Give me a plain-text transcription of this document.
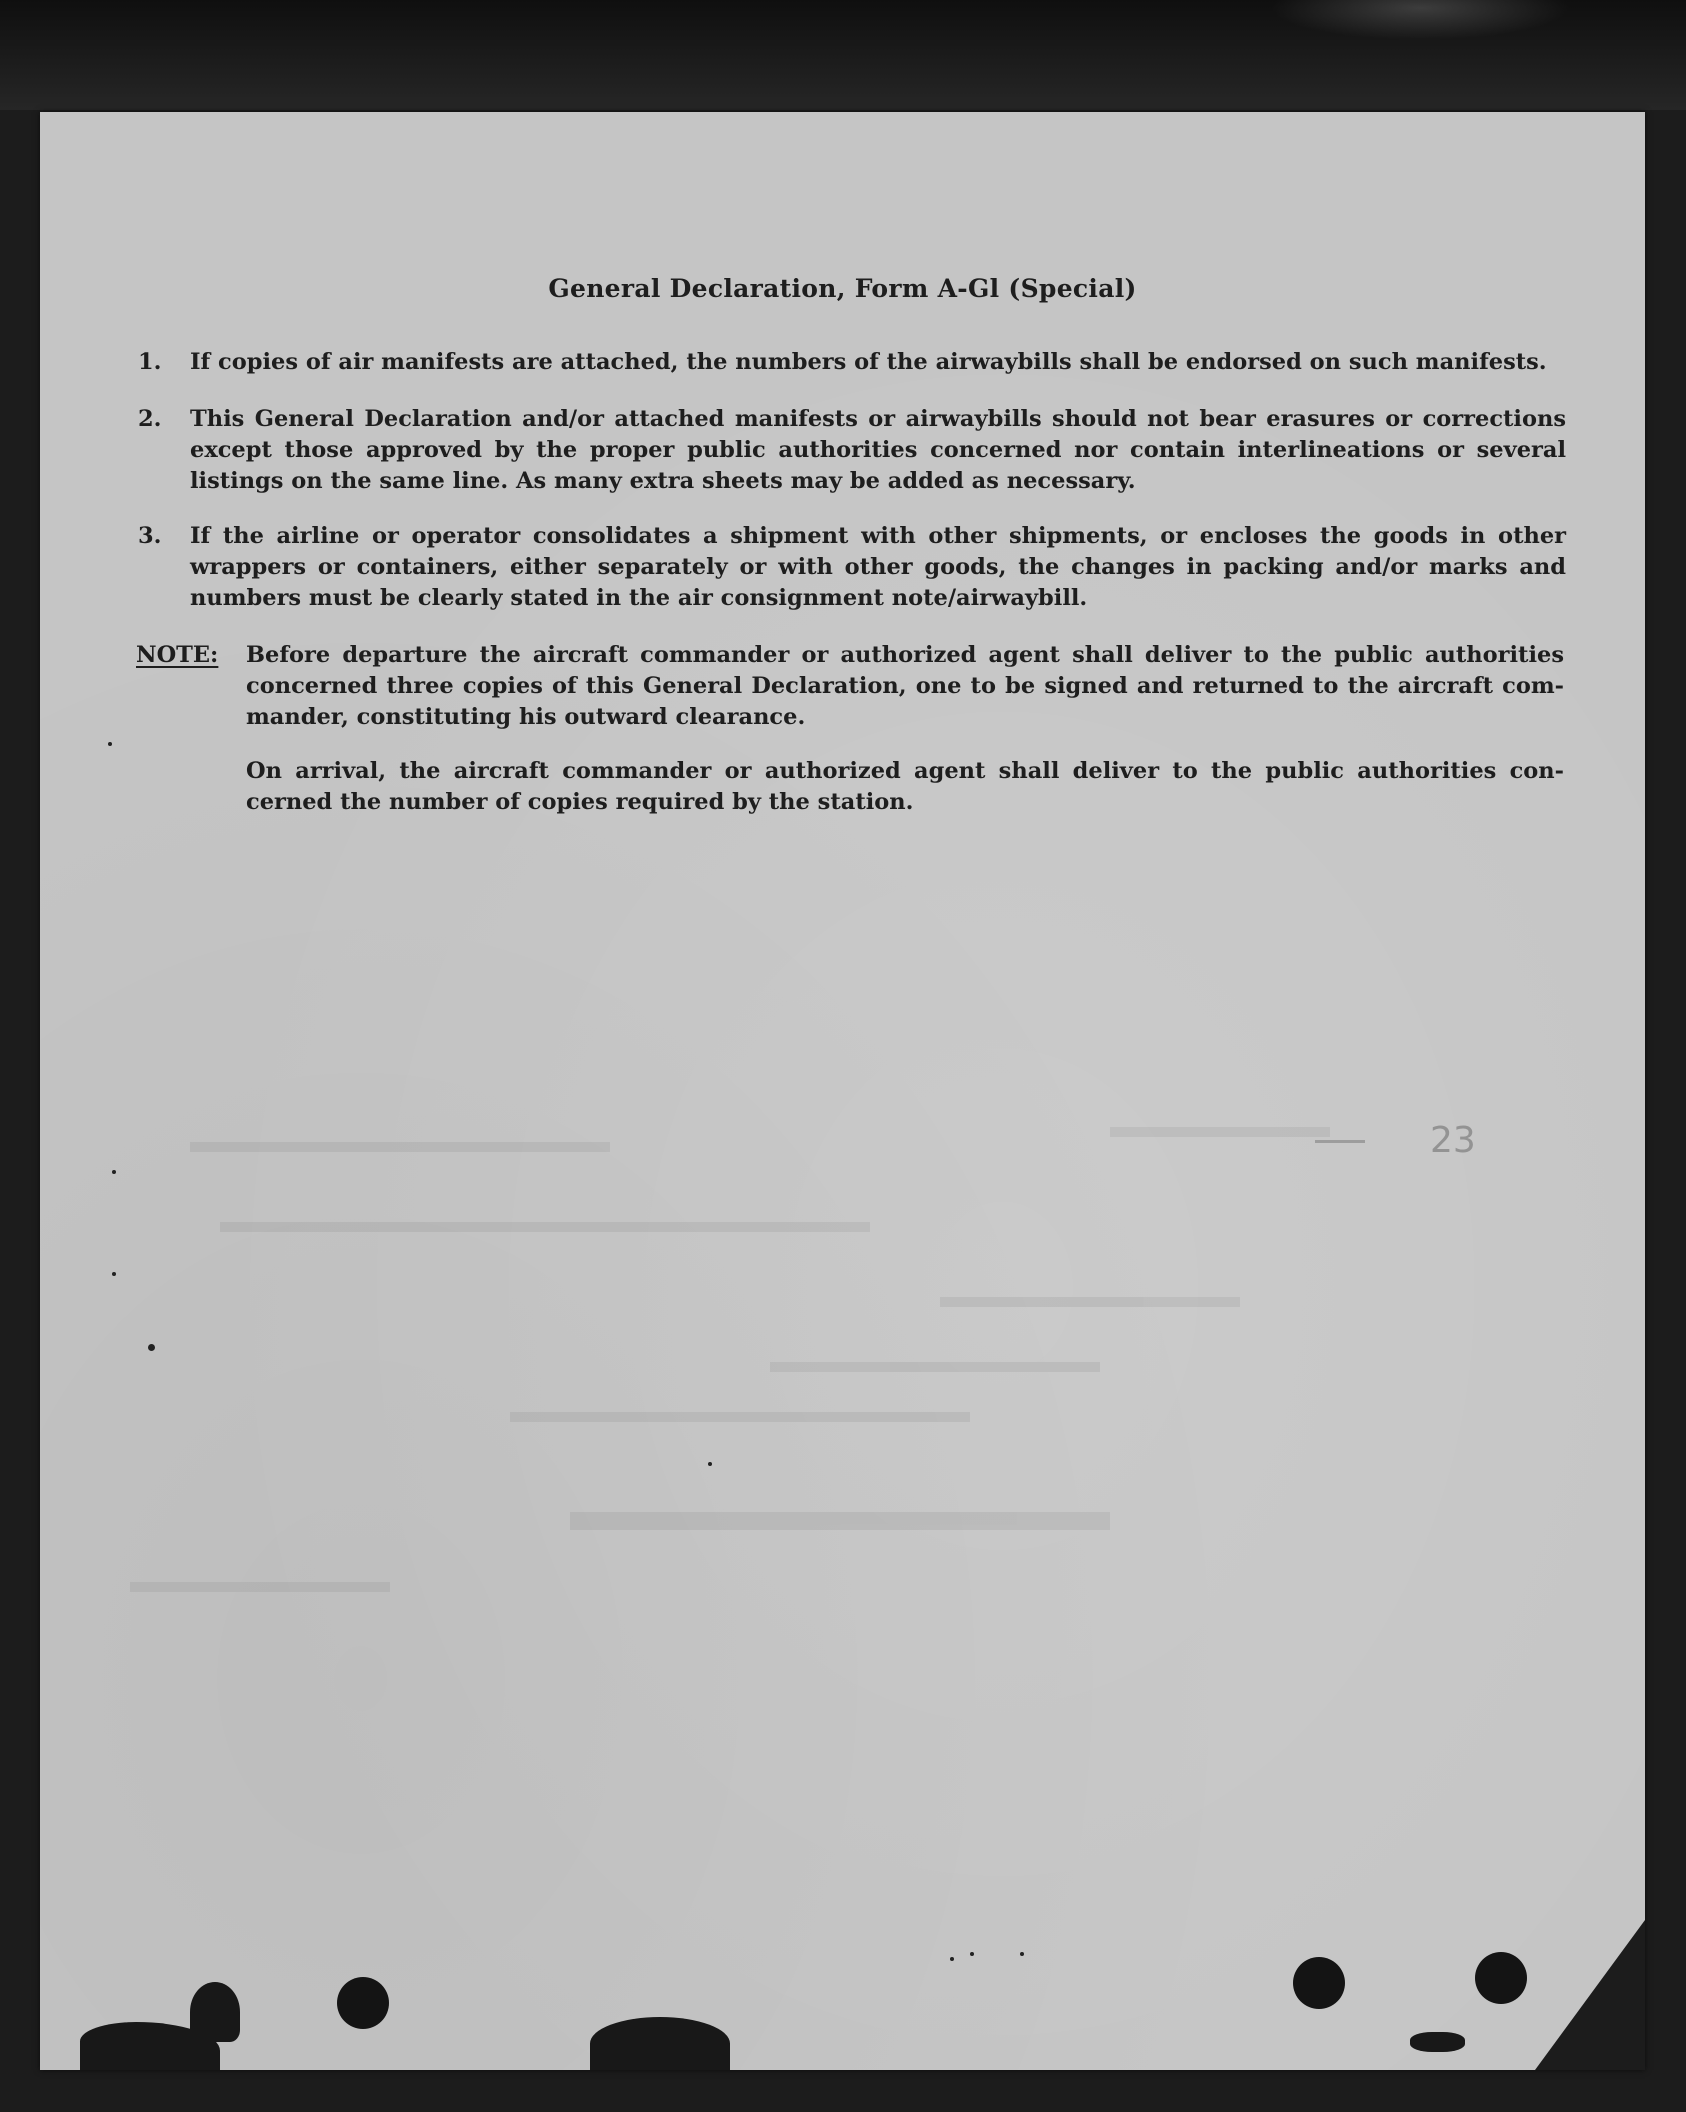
General Declaration, Form A-Gl (Special)
1.	If copies of air manifests are attached, the numbers of the airwaybills shall be endorsed on such manifests.
2.	This General Declaration and/or attached manifests or airwaybills should not bear erasures or corrections
except those approved by the proper public authorities concerned nor contain interlineations or several
listings on the same line. As many extra sheets may be added as necessary.
3.	If the airline or operator consolidates a shipment with other shipments, or encloses the goods in other
wrappers or containers, either separately or with other goods, the changes in packing and/or marks and
numbers must be clearly stated in the air consignment note/airwaybill.
NOTE: Before departure the aircraft commander or authorized agent shall deliver to the public authorities
concerned three copies of this General Declaration, one to be signed and returned to the aircraft com-
mander, constituting his outward clearance.
On arrival, the aircraft commander or authorized agent shall deliver to the public authorities con-
cerned the number of copies required by the station.
23
